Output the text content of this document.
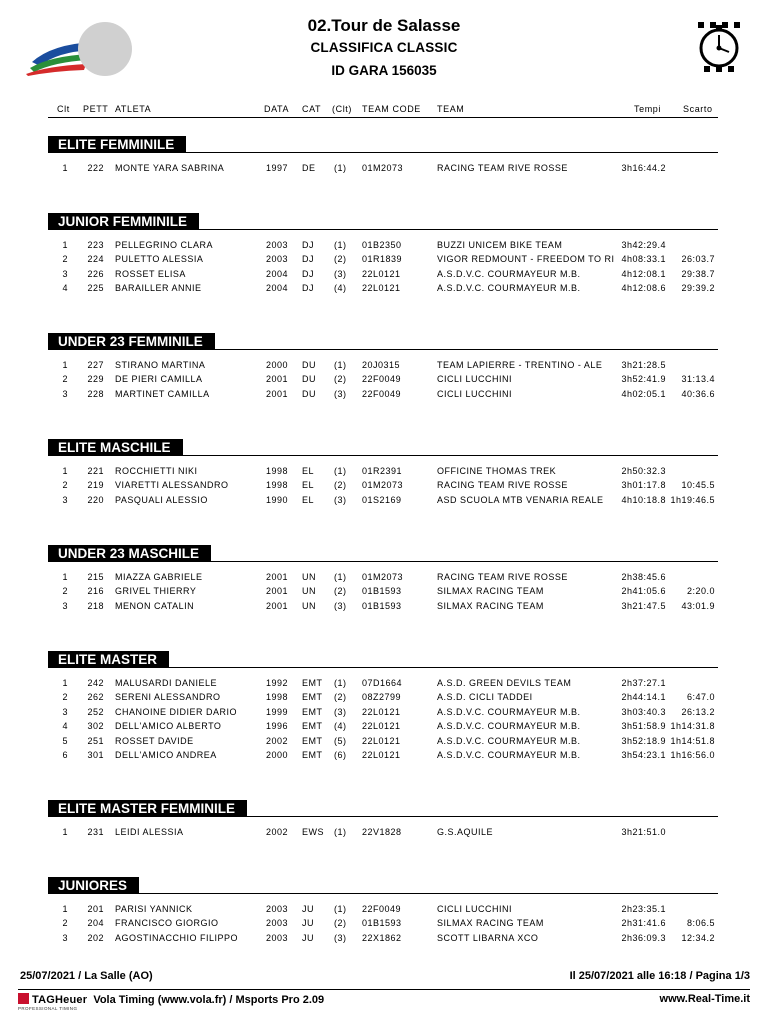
02.Tour de Salasse
CLASSIFICA CLASSIC
ID GARA 156035
Clt PETT ATLETA	DATA CAT (Clt) TEAM CODE TEAM	Tempi Scarto
ELITE FEMMINILE
1	222 MONTE YARA SABRINA	1997 DE (1) 01M2073	RACING TEAM RIVE ROSSE	3h16:44.2
JUNIOR FEMMINILE
1	223 PELLEGRINO CLARA	2003 DJ (1) 01B2350	BUZZI UNICEM BIKE TEAM	3h42:29.4
2	224 PULETTO ALESSIA	2003 DJ (2) 01R1839	VIGOR REDMOUNT - FREEDOM TO RI 4h08:33.1	26:03.7
3	226 ROSSET ELISA	2004 DJ (3) 22L0121	A.S.D.V.C. COURMAYEUR M.B.	4h12:08.1	29:38.7
4	225 BARAILLER ANNIE	2004 DJ (4) 22L0121	A.S.D.V.C. COURMAYEUR M.B.	4h12:08.6	29:39.2
UNDER 23 FEMMINILE
1	227 STIRANO MARTINA	2000 DU (1) 20J0315	TEAM LAPIERRE - TRENTINO - ALE	3h21:28.5
2	229 DE PIERI CAMILLA	2001 DU (2) 22F0049	CICLI LUCCHINI	3h52:41.9	31:13.4
3	228 MARTINET CAMILLA	2001 DU (3) 22F0049	CICLI LUCCHINI	4h02:05.1	40:36.6
ELITE MASCHILE
1	221 ROCCHIETTI NIKI	1998 EL (1) 01R2391	OFFICINE THOMAS TREK	2h50:32.3
2	219 VIARETTI ALESSANDRO	1998 EL (2) 01M2073	RACING TEAM RIVE ROSSE	3h01:17.8	10:45.5
3	220 PASQUALI ALESSIO	1990 EL (3) 01S2169	ASD SCUOLA MTB VENARIA REALE	4h10:18.8 1h19:46.5
UNDER 23 MASCHILE
1	215 MIAZZA GABRIELE	2001 UN (1) 01M2073	RACING TEAM RIVE ROSSE	2h38:45.6
2	216 GRIVEL THIERRY	2001 UN (2) 01B1593	SILMAX RACING TEAM	2h41:05.6	2:20.0
3	218 MENON CATALIN	2001 UN (3) 01B1593	SILMAX RACING TEAM	3h21:47.5	43:01.9
ELITE MASTER
1	242 MALUSARDI DANIELE	1992 EMT (1) 07D1664	A.S.D. GREEN DEVILS TEAM	2h37:27.1
2	262 SERENI ALESSANDRO	1998 EMT (2) 08Z2799	A.S.D. CICLI TADDEI	2h44:14.1	6:47.0
3	252 CHANOINE DIDIER DARIO	1999 EMT (3) 22L0121	A.S.D.V.C. COURMAYEUR M.B.	3h03:40.3	26:13.2
4	302 DELL'AMICO ALBERTO	1996 EMT (4) 22L0121	A.S.D.V.C. COURMAYEUR M.B.	3h51:58.9 1h14:31.8
5	251 ROSSET DAVIDE	2002 EMT (5) 22L0121	A.S.D.V.C. COURMAYEUR M.B.	3h52:18.9 1h14:51.8
6	301 DELL'AMICO ANDREA	2000 EMT (6) 22L0121	A.S.D.V.C. COURMAYEUR M.B.	3h54:23.1 1h16:56.0
ELITE MASTER FEMMINILE
1	231 LEIDI ALESSIA	2002 EWS (1) 22V1828	G.S.AQUILE	3h21:51.0
JUNIORES
1	201 PARISI YANNICK	2003 JU (1) 22F0049	CICLI LUCCHINI	2h23:35.1
2	204 FRANCISCO GIORGIO	2003 JU (2) 01B1593	SILMAX RACING TEAM	2h31:41.6	8:06.5
3	202 AGOSTINACCHIO FILIPPO	2003 JU (3) 22X1862	SCOTT LIBARNA XCO	2h36:09.3	12:34.2
25/07/2021 / La Salle (AO)	Il 25/07/2021 alle 16:18 / Pagina 1/3
TAGHeuer Vola Timing (www.vola.fr) / Msports Pro 2.09
PROFESSIONAL TIMING
www.Real-Time.it
